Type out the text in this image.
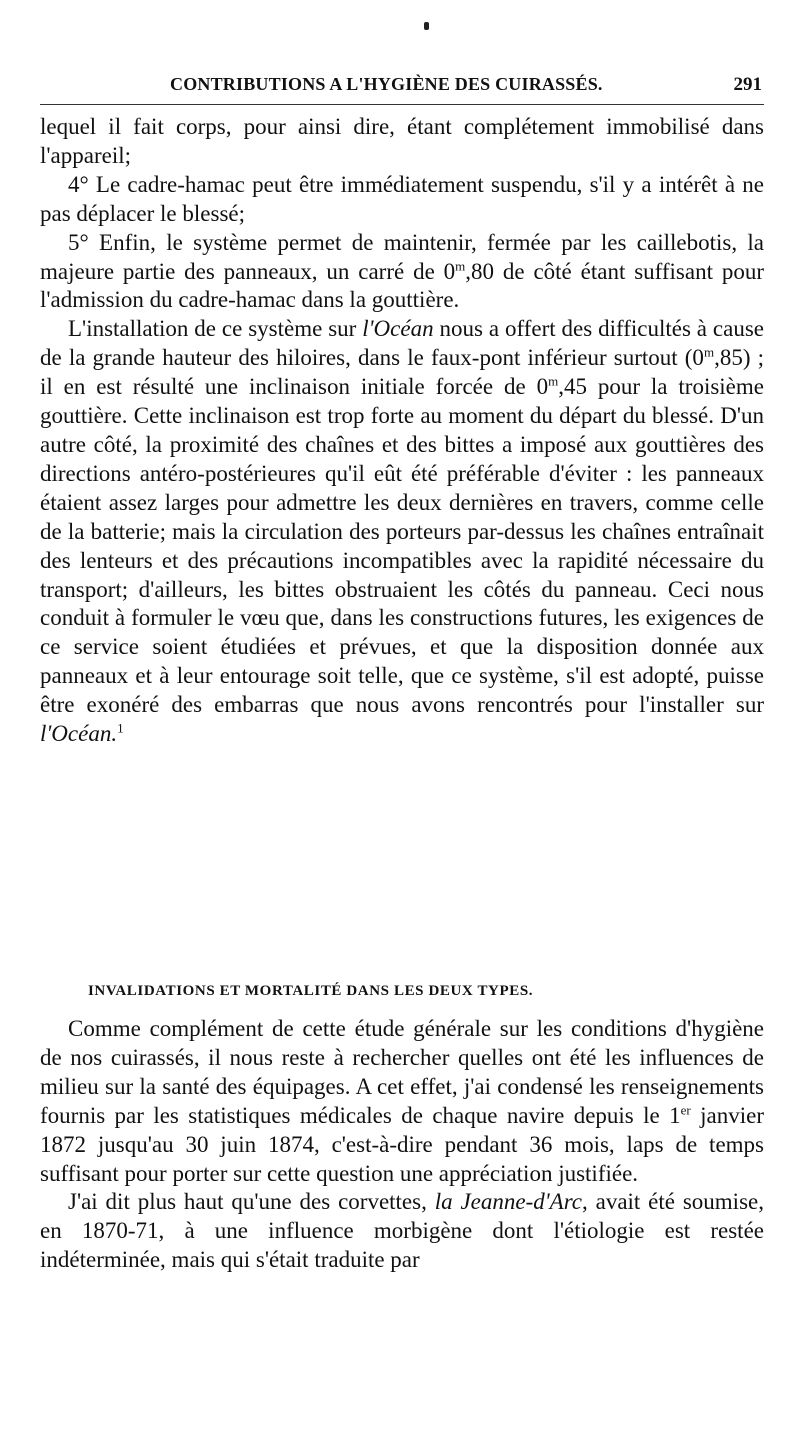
CONTRIBUTIONS A L'HYGIÈNE DES CUIRASSÉS.	291

lequel il fait corps, pour ainsi dire, étant complétement immobilisé dans l'appareil;

4° Le cadre-hamac peut être immédiatement suspendu, s'il y a intérêt à ne pas déplacer le blessé;

5° Enfin, le système permet de maintenir, fermée par les caillebotis, la majeure partie des panneaux, un carré de 0$^m$,80 de côté étant suffisant pour l'admission du cadre-hamac dans la gouttière.

L'installation de ce système sur l'Océan nous a offert des difficultés à cause de la grande hauteur des hiloires, dans le faux-pont inférieur surtout (0$^m$,85) ; il en est résulté une inclinaison initiale forcée de 0$^m$,45 pour la troisième gouttière. Cette inclinaison est trop forte au moment du départ du blessé. D'un autre côté, la proximité des chaînes et des bittes a imposé aux gouttières des directions antéro-postérieures qu'il eût été préférable d'éviter : les panneaux étaient assez larges pour admettre les deux dernières en travers, comme celle de la batterie; mais la circulation des porteurs par-dessus les chaînes entraînait des lenteurs et des précautions incompatibles avec la rapidité nécessaire du transport; d'ailleurs, les bittes obstruaient les côtés du panneau. Ceci nous conduit à formuler le vœu que, dans les constructions futures, les exigences de ce service soient étudiées et prévues, et que la disposition donnée aux panneaux et à leur entourage soit telle, que ce système, s'il est adopté, puisse être exonéré des embarras que nous avons rencontrés pour l'installer sur l'Océan.$^1$

INVALIDATIONS ET MORTALITÉ DANS LES DEUX TYPES.

Comme complément de cette étude générale sur les conditions d'hygiène de nos cuirassés, il nous reste à rechercher quelles ont été les influences de milieu sur la santé des équipages. A cet effet, j'ai condensé les renseignements fournis par les statistiques médicales de chaque navire depuis le 1er janvier 1872 jusqu'au 30 juin 1874, c'est-à-dire pendant 36 mois, laps de temps suffisant pour porter sur cette question une appréciation justifiée.

J'ai dit plus haut qu'une des corvettes, la Jeanne-d'Arc, avait été soumise, en 1870-71, à une influence morbigène dont l'étiologie est restée indéterminée, mais qui s'était traduite par
